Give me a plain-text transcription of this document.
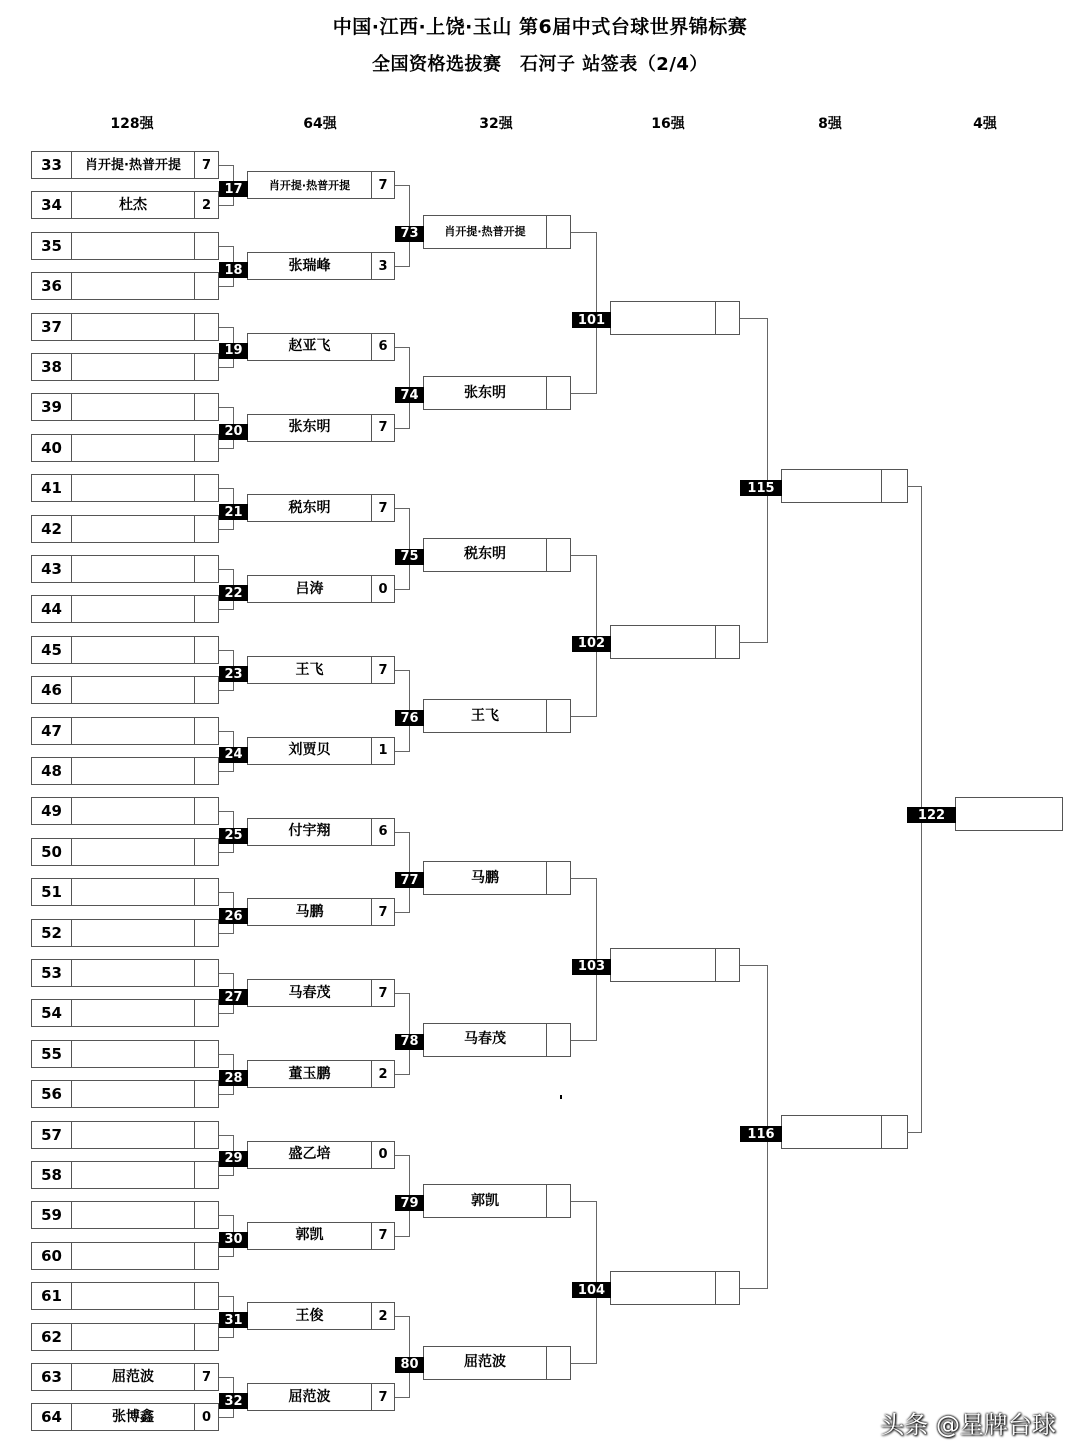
中国·江西·上饶·玉山 第6届中式台球世界锦标赛
全国资格选拔赛　石河子 站签表（2/4）
128强	64强	32强	16强	8强	4强
33	肖开提·热普开提	7
34	杜杰	2
35
36
37
38
39
40
41
42
43
44
45
46
47
48
49
50
51
52
53
54
55
56
57
58
59
60
61
62
63	屈范波	7
64	张博鑫	0
肖开提·热普开提	7
17
张瑞峰	3
18
赵亚飞	6
19
张东明	7
20
税东明	7
21
吕涛	0
22
王飞	7
23
刘贾贝	1
24
付宇翔	6
25
马鹏	7
26
马春茂	7
27
董玉鹏	2
28
盛乙培	0
29
郭凯	7
30
王俊	2
31
屈范波	7
32
肖开提·热普开提
73
张东明
74
税东明
75
王飞
76
马鹏
77
马春茂
78
郭凯
79
屈范波
80
101
102
103
104
115
116
122
头条 @星牌台球
